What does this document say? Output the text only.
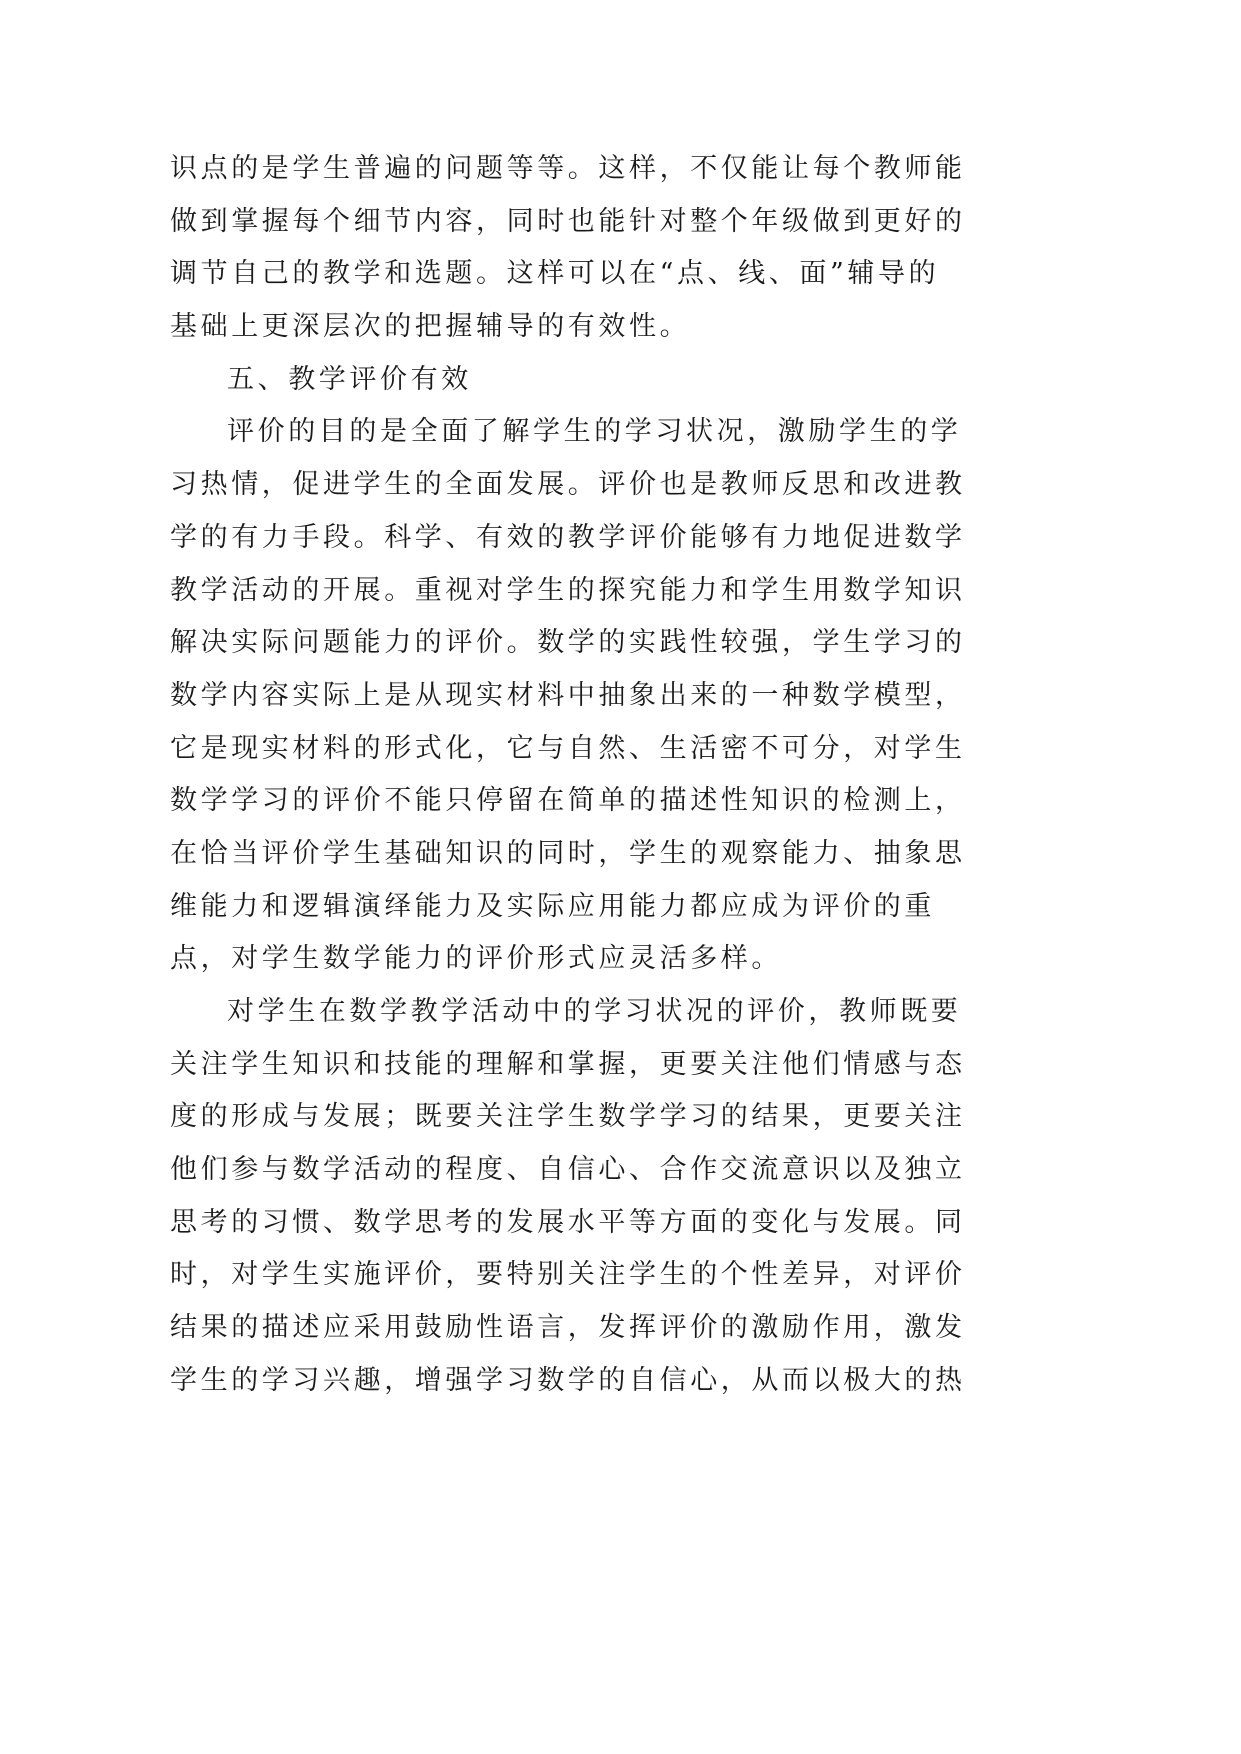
识点的是学生普遍的问题等等。这样，不仅能让每个教师能
做到掌握每个细节内容，同时也能针对整个年级做到更好的
调节自己的教学和选题。这样可以在“点、线、面”辅导的
基础上更深层次的把握辅导的有效性。
五、教学评价有效
评价的目的是全面了解学生的学习状况，激励学生的学
习热情，促进学生的全面发展。评价也是教师反思和改进教
学的有力手段。科学、有效的教学评价能够有力地促进数学
教学活动的开展。重视对学生的探究能力和学生用数学知识
解决实际问题能力的评价。数学的实践性较强，学生学习的
数学内容实际上是从现实材料中抽象出来的一种数学模型，
它是现实材料的形式化，它与自然、生活密不可分，对学生
数学学习的评价不能只停留在简单的描述性知识的检测上，
在恰当评价学生基础知识的同时，学生的观察能力、抽象思
维能力和逻辑演绎能力及实际应用能力都应成为评价的重
点，对学生数学能力的评价形式应灵活多样。
对学生在数学教学活动中的学习状况的评价，教师既要
关注学生知识和技能的理解和掌握，更要关注他们情感与态
度的形成与发展；既要关注学生数学学习的结果，更要关注
他们参与数学活动的程度、自信心、合作交流意识以及独立
思考的习惯、数学思考的发展水平等方面的变化与发展。同
时，对学生实施评价，要特别关注学生的个性差异，对评价
结果的描述应采用鼓励性语言，发挥评价的激励作用，激发
学生的学习兴趣，增强学习数学的自信心，从而以极大的热
